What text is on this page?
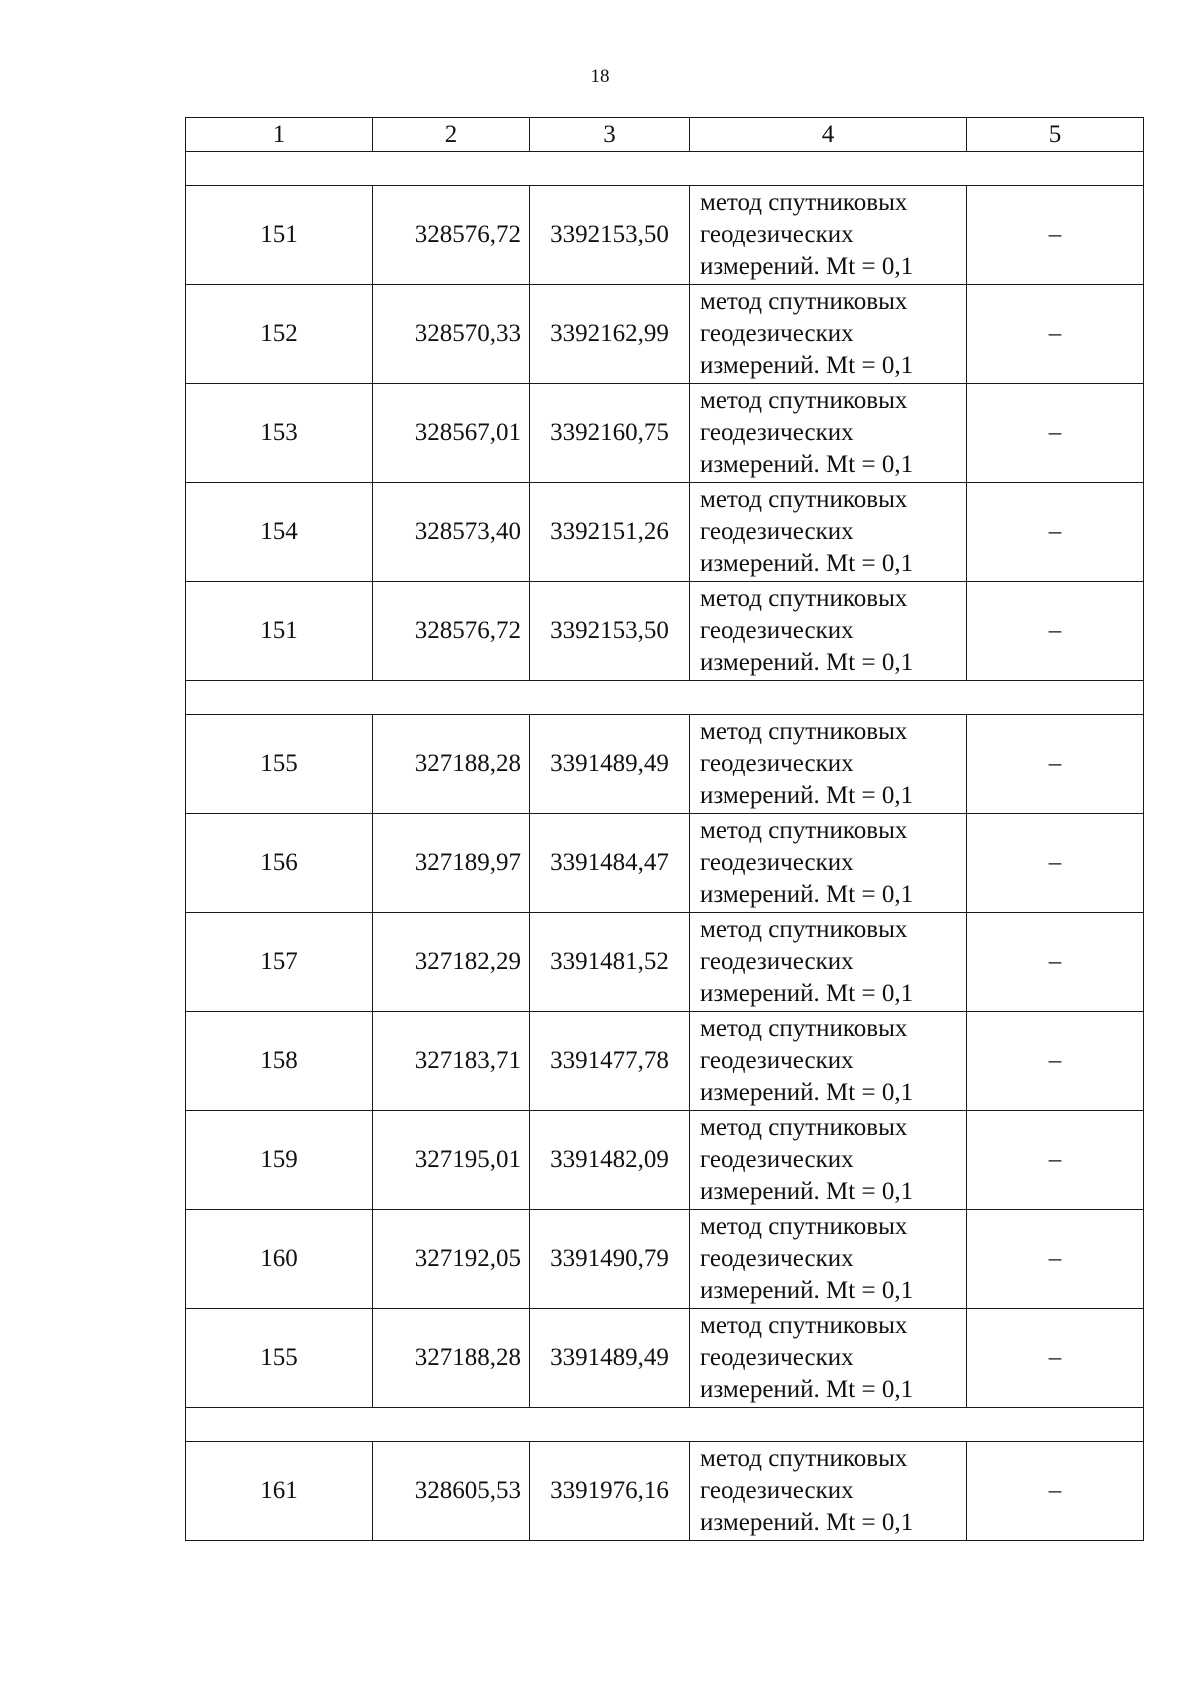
18
1	2	3	4	5

151	328576,72	3392153,50	метод спутниковых
геодезических
измерений. Mt = 0,1	–
152	328570,33	3392162,99	метод спутниковых
геодезических
измерений. Mt = 0,1	–
153	328567,01	3392160,75	метод спутниковых
геодезических
измерений. Mt = 0,1	–
154	328573,40	3392151,26	метод спутниковых
геодезических
измерений. Mt = 0,1	–
151	328576,72	3392153,50	метод спутниковых
геодезических
измерений. Mt = 0,1	–

155	327188,28	3391489,49	метод спутниковых
геодезических
измерений. Mt = 0,1	–
156	327189,97	3391484,47	метод спутниковых
геодезических
измерений. Mt = 0,1	–
157	327182,29	3391481,52	метод спутниковых
геодезических
измерений. Mt = 0,1	–
158	327183,71	3391477,78	метод спутниковых
геодезических
измерений. Mt = 0,1	–
159	327195,01	3391482,09	метод спутниковых
геодезических
измерений. Mt = 0,1	–
160	327192,05	3391490,79	метод спутниковых
геодезических
измерений. Mt = 0,1	–
155	327188,28	3391489,49	метод спутниковых
геодезических
измерений. Mt = 0,1	–

161	328605,53	3391976,16	метод спутниковых
геодезических
измерений. Mt = 0,1	–
